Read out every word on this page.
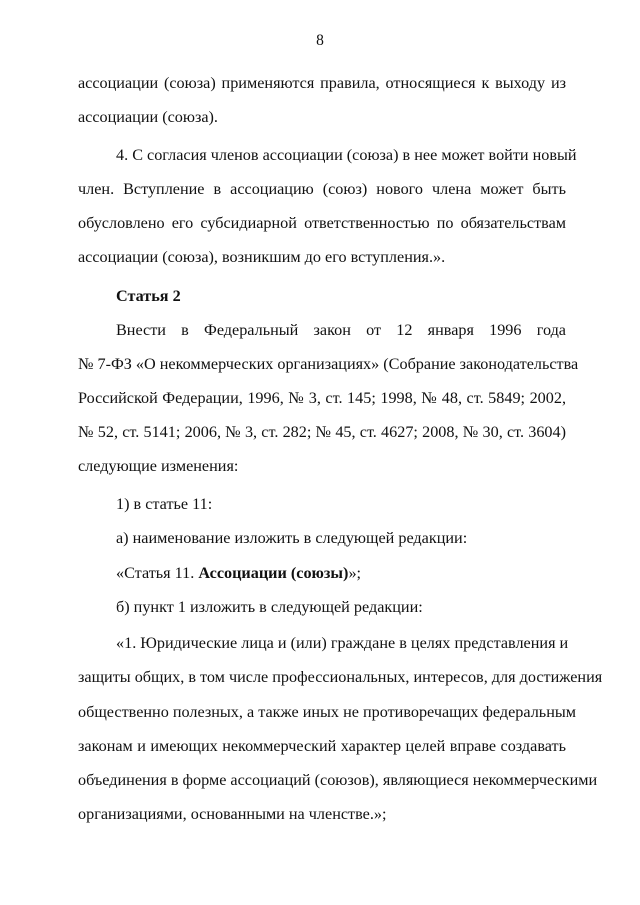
8
ассоциации (союза) применяются правила, относящиеся к выходу из
ассоциации (союза).
4. С согласия членов ассоциации (союза) в нее может войти новый
член. Вступление в ассоциацию (союз) нового члена может быть
обусловлено его субсидиарной ответственностью по обязательствам
ассоциации (союза), возникшим до его вступления.».
Статья 2
Внести в Федеральный закон от 12 января 1996 года
№ 7-ФЗ «О некоммерческих организациях» (Собрание законодательства
Российской Федерации, 1996, № 3, ст. 145; 1998, № 48, ст. 5849; 2002,
№ 52, ст. 5141; 2006, № 3, ст. 282; № 45, ст. 4627; 2008, № 30, ст. 3604)
следующие изменения:
1) в статье 11:
а) наименование изложить в следующей редакции:
«Статья 11. Ассоциации (союзы)»;
б) пункт 1 изложить в следующей редакции:
«1. Юридические лица и (или) граждане в целях представления и
защиты общих, в том числе профессиональных, интересов, для достижения
общественно полезных, а также иных не противоречащих федеральным
законам и имеющих некоммерческий характер целей вправе создавать
объединения в форме ассоциаций (союзов), являющиеся некоммерческими
организациями, основанными на членстве.»;
